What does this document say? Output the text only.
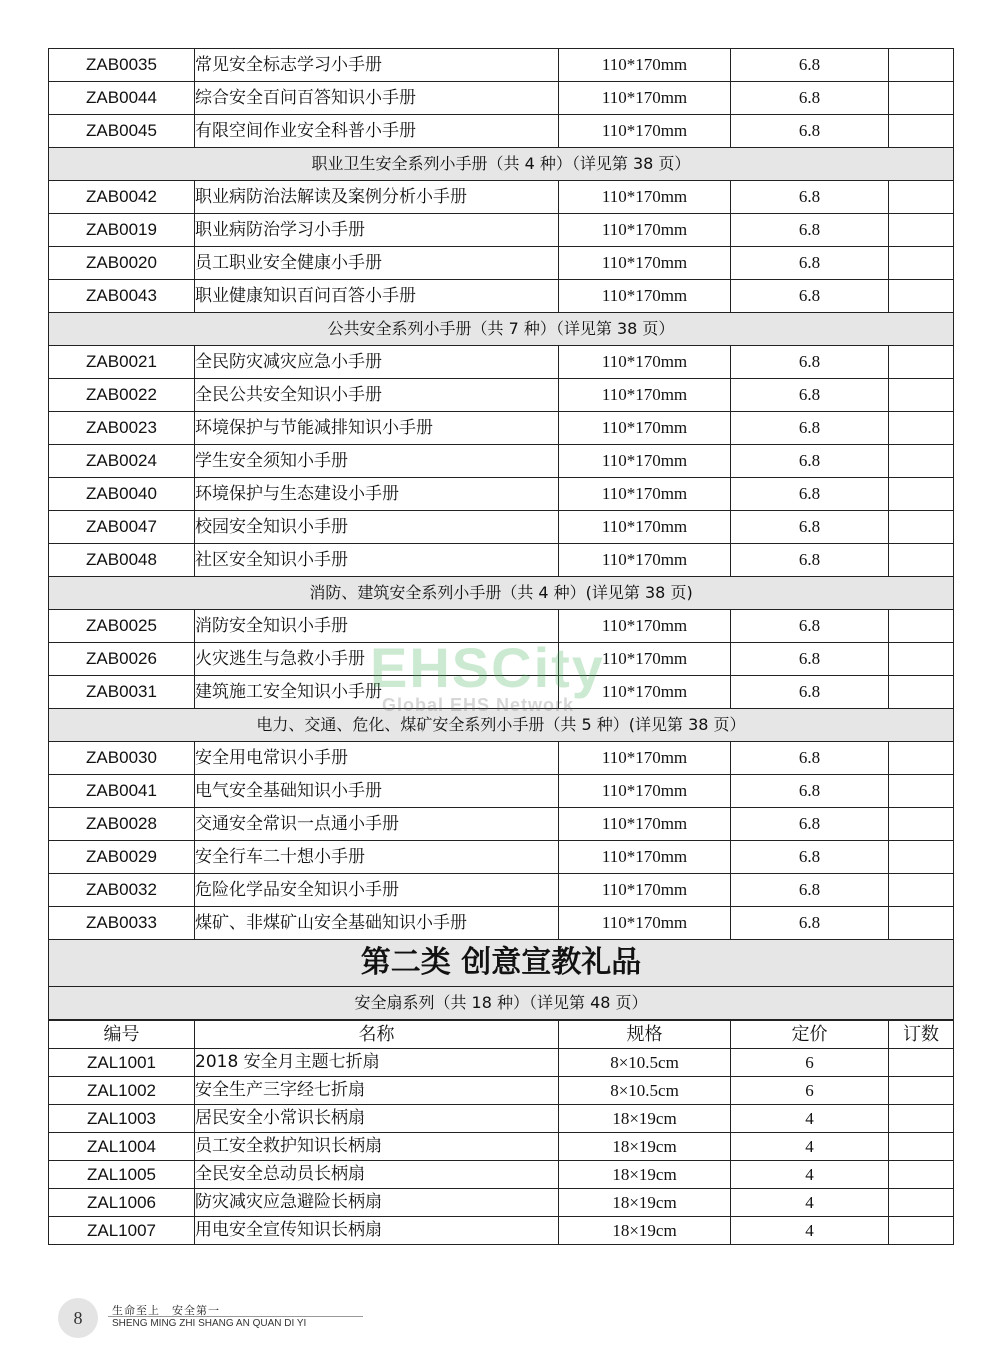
ZAB0035	常见安全标志学习小手册	110*170mm	6.8	
ZAB0044	综合安全百问百答知识小手册	110*170mm	6.8	
ZAB0045	有限空间作业安全科普小手册	110*170mm	6.8	
职业卫生安全系列小手册（共 4 种）（详见第 38 页）				
ZAB0042	职业病防治法解读及案例分析小手册	110*170mm	6.8	
ZAB0019	职业病防治学习小手册	110*170mm	6.8	
ZAB0020	员工职业安全健康小手册	110*170mm	6.8	
ZAB0043	职业健康知识百问百答小手册	110*170mm	6.8	
公共安全系列小手册（共 7 种）（详见第 38 页）				
ZAB0021	全民防灾减灾应急小手册	110*170mm	6.8	
ZAB0022	全民公共安全知识小手册	110*170mm	6.8	
ZAB0023	环境保护与节能减排知识小手册	110*170mm	6.8	
ZAB0024	学生安全须知小手册	110*170mm	6.8	
ZAB0040	环境保护与生态建设小手册	110*170mm	6.8	
ZAB0047	校园安全知识小手册	110*170mm	6.8	
ZAB0048	社区安全知识小手册	110*170mm	6.8	
消防、建筑安全系列小手册（共 4 种）(详见第 38 页)				
ZAB0025	消防安全知识小手册	110*170mm	6.8	
ZAB0026	火灾逃生与急救小手册	110*170mm	6.8	
ZAB0031	建筑施工安全知识小手册	110*170mm	6.8	
电力、交通、危化、煤矿安全系列小手册（共 5 种）(详见第 38 页）				
ZAB0030	安全用电常识小手册	110*170mm	6.8	
ZAB0041	电气安全基础知识小手册	110*170mm	6.8	
ZAB0028	交通安全常识一点通小手册	110*170mm	6.8	
ZAB0029	安全行车二十想小手册	110*170mm	6.8	
ZAB0032	危险化学品安全知识小手册	110*170mm	6.8	
ZAB0033	煤矿、非煤矿山安全基础知识小手册	110*170mm	6.8	
第二类 创意宣教礼品				
安全扇系列（共 18 种）（详见第 48 页）				
编号	名称	规格	定价	订数
ZAL1001	2018 安全月主题七折扇	8×10.5cm	6	
ZAL1002	安全生产三字经七折扇	8×10.5cm	6	
ZAL1003	居民安全小常识长柄扇	18×19cm	4	
ZAL1004	员工安全救护知识长柄扇	18×19cm	4	
ZAL1005	全民安全总动员长柄扇	18×19cm	4	
ZAL1006	防灾减灾应急避险长柄扇	18×19cm	4	
ZAL1007	用电安全宣传知识长柄扇	18×19cm	4	
EHSCity
Global EHS Network
8	生命至上　安全第一
SHENG MING ZHI SHANG AN QUAN DI YI
